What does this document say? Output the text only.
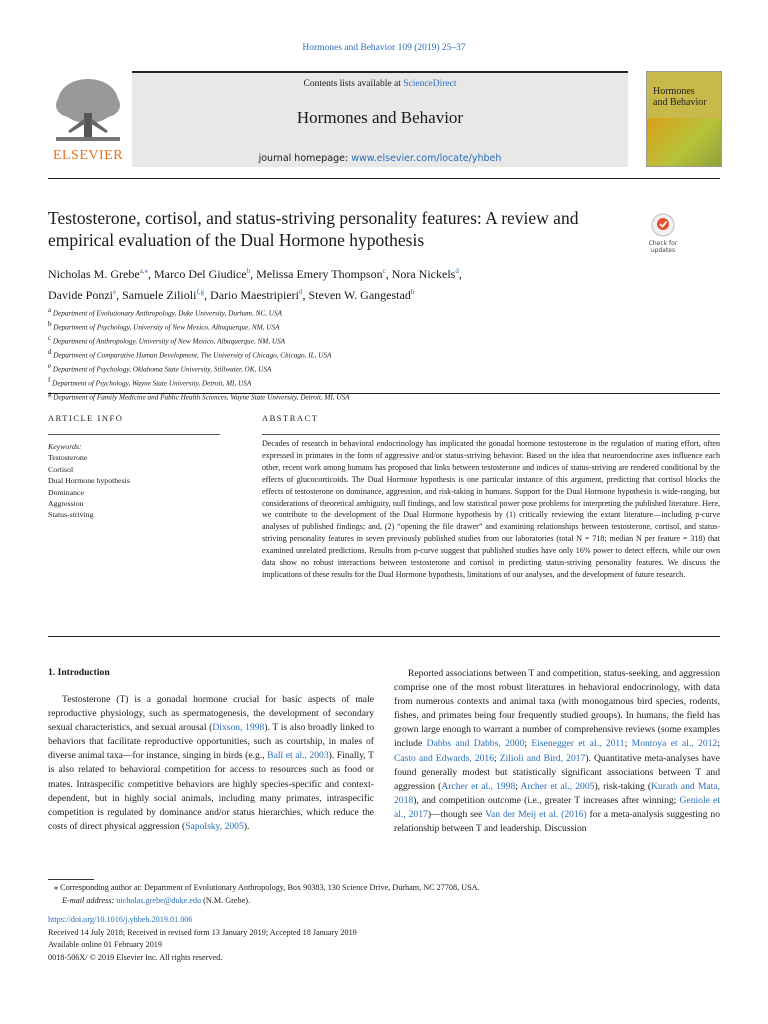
Hormones and Behavior 109 (2019) 25–37
ELSEVIER
Contents lists available at ScienceDirect
Hormones and Behavior
journal homepage: www.elsevier.com/locate/yhbeh
Hormones
and Behavior
Testosterone, cortisol, and status-striving personality features: A review and empirical evaluation of the Dual Hormone hypothesis	Check for updates
Nicholas M. Grebe$^{a,⁎}$, Marco Del Giudice$^b$, Melissa Emery Thompson$^c$, Nora Nickels$^d$,
Davide Ponzi$^e$, Samuele Zilioli$^{f,g}$, Dario Maestripieri$^d$, Steven W. Gangestad$^b$
$^a$ Department of Evolutionary Anthropology, Duke University, Durham, NC, USA
$^b$ Department of Psychology, University of New Mexico, Albuquerque, NM, USA
$^c$ Department of Anthropology, University of New Mexico, Albuquerque, NM, USA
$^d$ Department of Comparative Human Development, The University of Chicago, Chicago, IL, USA
$^e$ Department of Psychology, Oklahoma State University, Stillwater, OK, USA
$^f$ Department of Psychology, Wayne State University, Detroit, MI, USA
$^g$ Department of Family Medicine and Public Health Sciences, Wayne State University, Detroit, MI, USA
ARTICLE INFO
Keywords:
Testosterone
Cortisol
Dual Hormone hypothesis
Dominance
Aggression
Status-striving
ABSTRACT
Decades of research in behavioral endocrinology has implicated the gonadal hormone testosterone in the regulation of mating effort, often expressed in primates in the form of aggressive and/or status-striving behavior. Based on the idea that neuroendocrine axes influence each other, recent work among humans has proposed that links between testosterone and indices of status-striving are rendered conditional by the effects of glucocorticoids. The Dual Hormone hypothesis is one particular instance of this argument, predicting that cortisol blocks the effects of testosterone on dominance, aggression, and risk-taking in humans. Support for the Dual Hormone hypothesis is wide-ranging, but considerations of theoretical ambiguity, null findings, and low statistical power pose problems for interpreting the published literature. Here, we contribute to the development of the Dual Hormone hypothesis by (1) critically reviewing the extant literature—including p-curve analyses of published findings; and, (2) “opening the file drawer” and examining relationships between testosterone, cortisol, and status-striving personality features in seven previously published studies from our laboratories (total N = 718; median N per feature = 318) that examined unrelated predictions. Results from p-curve suggest that published studies have only 16% power to detect effects, while our own data show no robust interactions between testosterone and cortisol in predicting status-striving personality features. We discuss the implications of these results for the Dual Hormone hypothesis, limitations of our analyses, and the development of future research.
1. Introduction
Testosterone (T) is a gonadal hormone crucial for basic aspects of male reproductive physiology, such as spermatogenesis, the development of secondary sexual characteristics, and sexual arousal (Dixson, 1998). T is also broadly linked to behaviors that facilitate reproductive opportunities, such as courtship, in males of diverse animal taxa—for instance, singing in birds (e.g., Ball et al., 2003). Finally, T is also related to behavioral competition for access to resources such as food or mates. Intraspecific competitive behaviors are highly species-specific and context-dependent, but in highly social animals, including many primates, intraspecific competition is regulated by dominance and/or status hierarchies, which reduce the costs of direct physical aggression (Sapolsky, 2005).
Reported associations between T and competition, status-seeking, and aggression comprise one of the most robust literatures in behavioral endocrinology, with data from numerous contexts and animal taxa (with monogamous bird species, rodents, fishes, and primates being four frequently studied groups). In humans, the field has grown large enough to warrant a number of comprehensive reviews (some examples include Dabbs and Dabbs, 2000; Eisenegger et al., 2011; Montoya et al., 2012; Casto and Edwards, 2016; Zilioli and Bird, 2017). Quantitative meta-analyses have found generally modest but statistically significant associations between T and aggression (Archer et al., 1998; Archer et al., 2005), risk-taking (Kurath and Mata, 2018), and competition outcome (i.e., greater T increases after winning; Geniole et al., 2017)—though see Van der Meij et al. (2016) for a meta-analysis suggesting no relationship between T and leadership. Discussion
⁎ Corresponding author at: Department of Evolutionary Anthropology, Box 90383, 130 Science Drive, Durham, NC 27708, USA.
E-mail address: nicholas.grebe@duke.edu (N.M. Grebe).
https://doi.org/10.1016/j.yhbeh.2019.01.006
Received 14 July 2018; Received in revised form 13 January 2019; Accepted 18 January 2019
Available online 01 February 2019
0018-506X/ © 2019 Elsevier Inc. All rights reserved.
